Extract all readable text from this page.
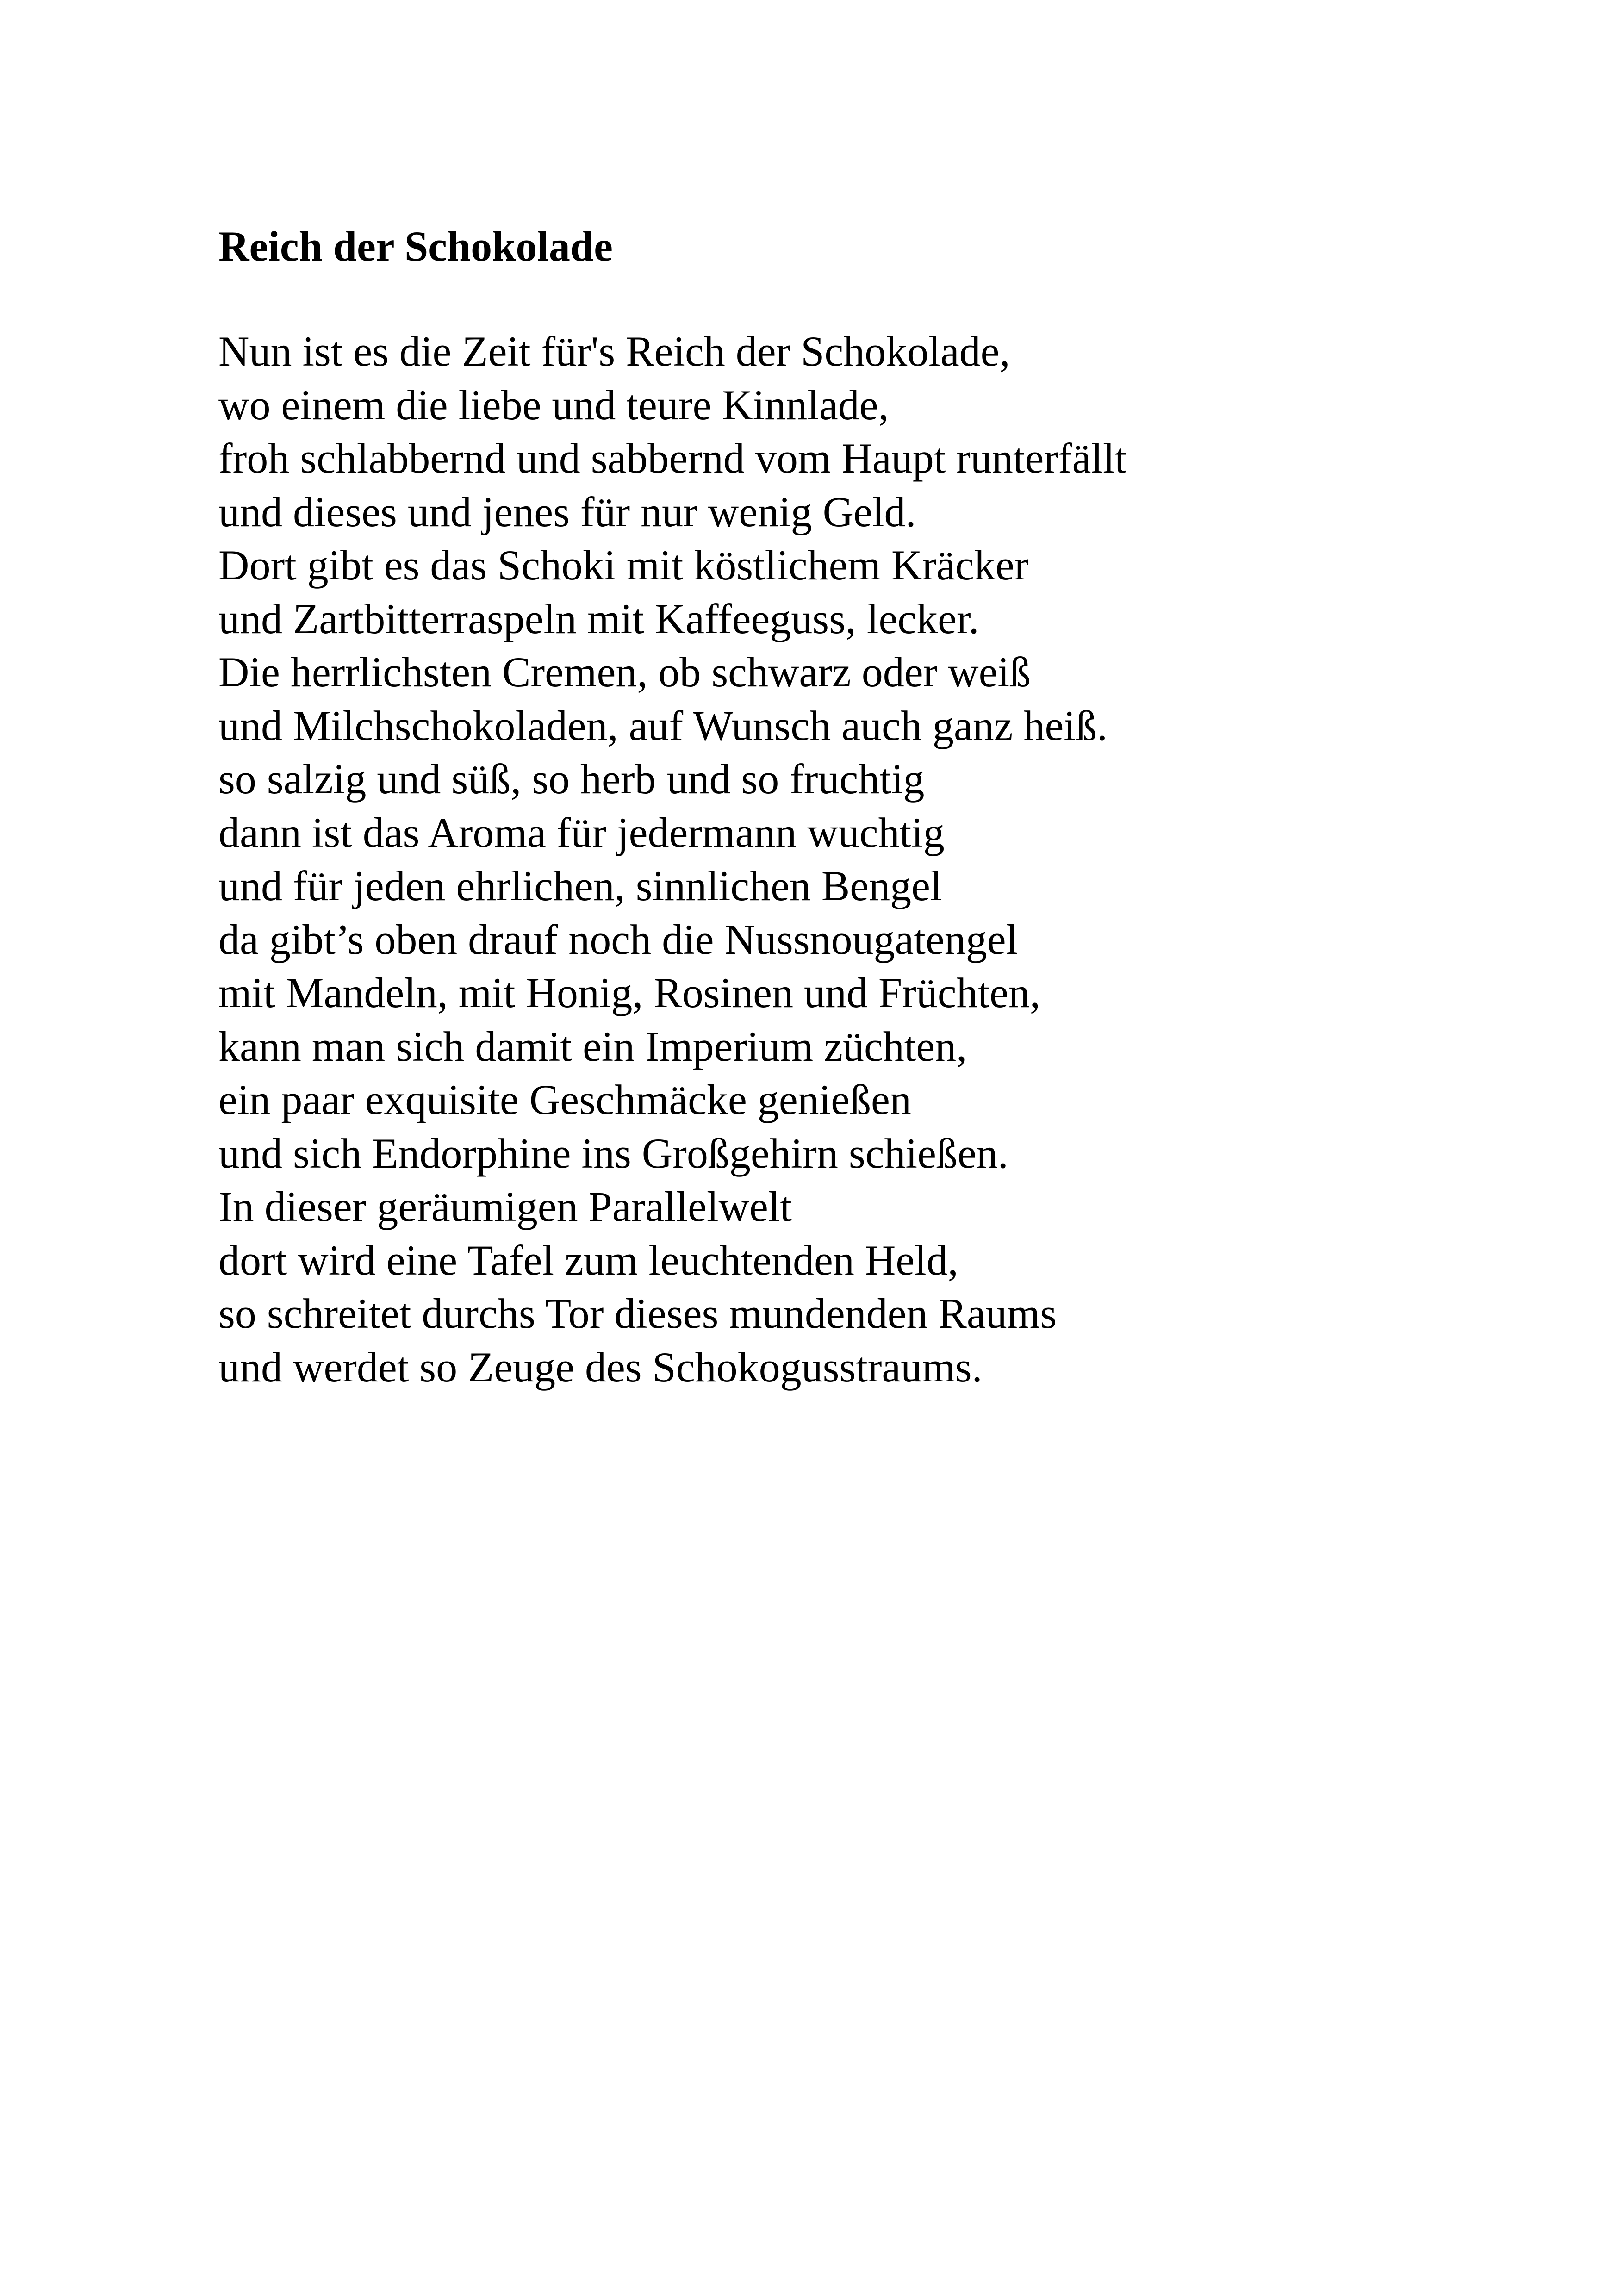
Reich der Schokolade
Nun ist es die Zeit für's Reich der Schokolade,
wo einem die liebe und teure Kinnlade,
froh schlabbernd und sabbernd vom Haupt runterfällt
und dieses und jenes für nur wenig Geld.
Dort gibt es das Schoki mit köstlichem Kräcker
und Zartbitterraspeln mit Kaffeeguss, lecker.
Die herrlichsten Cremen, ob schwarz oder weiß
und Milchschokoladen, auf Wunsch auch ganz heiß.
so salzig und süß, so herb und so fruchtig
dann ist das Aroma für jedermann wuchtig
und für jeden ehrlichen, sinnlichen Bengel
da gibt’s oben drauf noch die Nussnougatengel
mit Mandeln, mit Honig, Rosinen und Früchten,
kann man sich damit ein Imperium züchten,
ein paar exquisite Geschmäcke genießen
und sich Endorphine ins Großgehirn schießen.
In dieser geräumigen Parallelwelt
dort wird eine Tafel zum leuchtenden Held,
so schreitet durchs Tor dieses mundenden Raums
und werdet so Zeuge des Schokogusstraums.
